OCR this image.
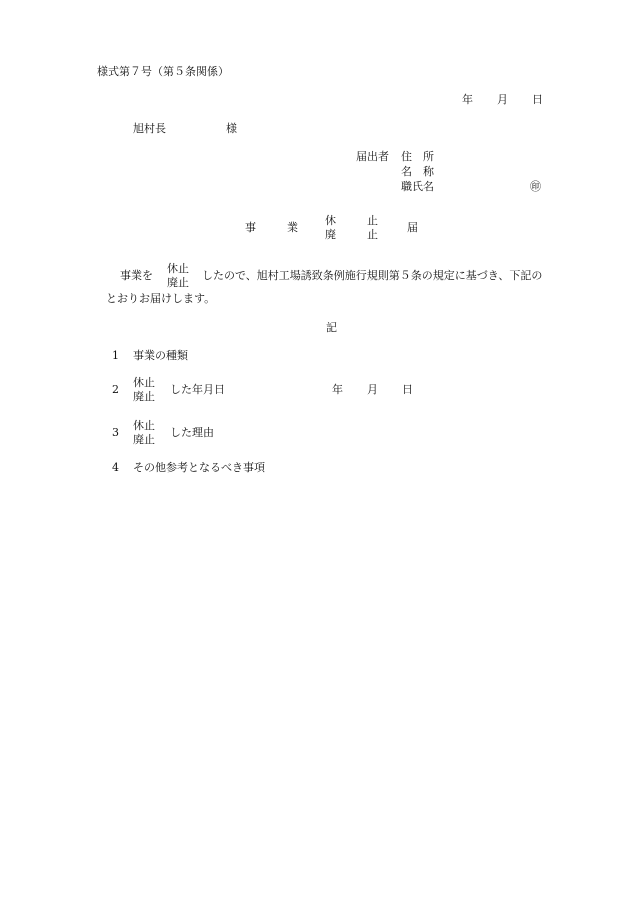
様式第７号（第５条関係）
年 月 日
旭村長	様
届出者 住　所
名　称
職氏名	㊞
事	業
休
廃
止
止
届
事業を
休止
廃止
したので、旭村工場誘致条例施行規則第５条の規定に基づき、下記の
とおりお届けします。
記
1 事業の種類
2
休止
廃止
した年月日	年 月 日
3
休止
廃止
した理由
4 その他参考となるべき事項
